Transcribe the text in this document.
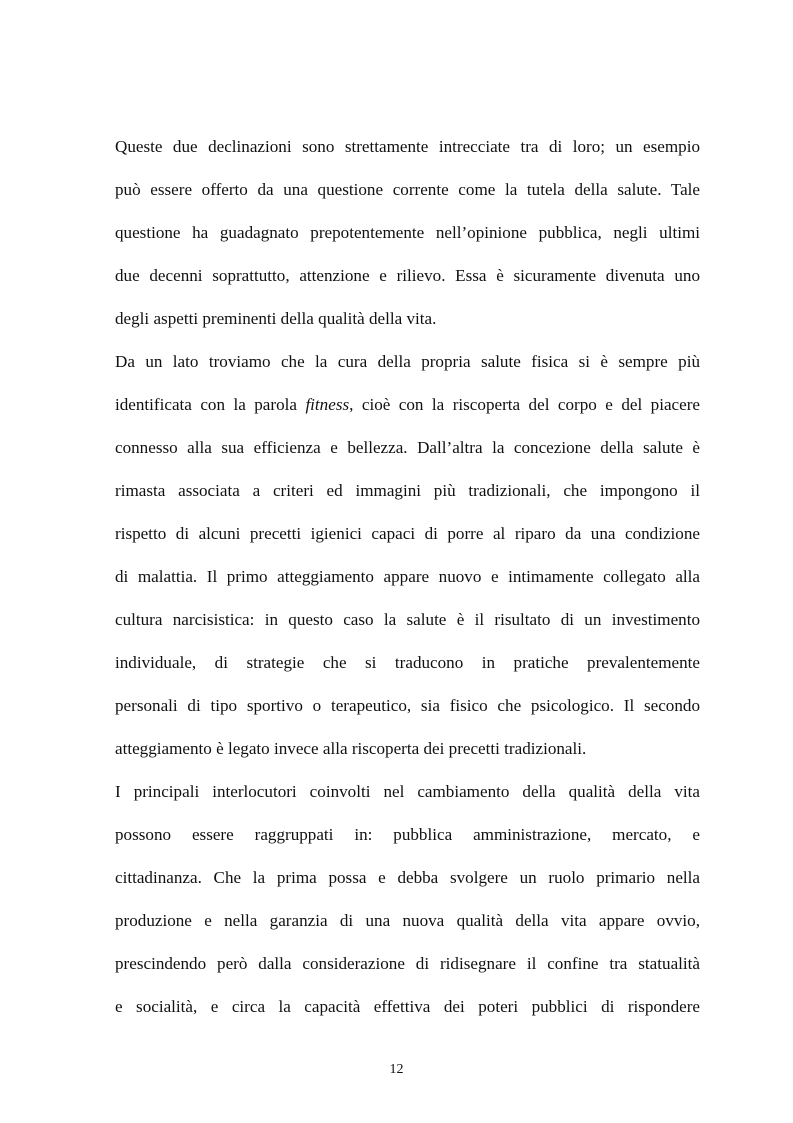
Queste due declinazioni sono strettamente intrecciate tra di loro; un esempio
può essere offerto da una questione corrente come la tutela della salute. Tale
questione ha guadagnato prepotentemente nell’opinione pubblica, negli ultimi
due decenni soprattutto, attenzione e rilievo. Essa è sicuramente divenuta uno
degli aspetti preminenti della qualità della vita.
Da un lato troviamo che la cura della propria salute fisica si è sempre più
identificata con la parola fitness, cioè con la riscoperta del corpo e del piacere
connesso alla sua efficienza e bellezza. Dall’altra la concezione della salute è
rimasta associata a criteri ed immagini più tradizionali, che impongono il
rispetto di alcuni precetti igienici capaci di porre al riparo da una condizione
di malattia. Il primo atteggiamento appare nuovo e intimamente collegato alla
cultura narcisistica: in questo caso la salute è il risultato di un investimento
individuale, di strategie che si traducono in pratiche prevalentemente
personali di tipo sportivo o terapeutico, sia fisico che psicologico. Il secondo
atteggiamento è legato invece alla riscoperta dei precetti tradizionali.
I principali interlocutori coinvolti nel cambiamento della qualità della vita
possono essere raggruppati in: pubblica amministrazione, mercato, e
cittadinanza. Che la prima possa e debba svolgere un ruolo primario nella
produzione e nella garanzia di una nuova qualità della vita appare ovvio,
prescindendo però dalla considerazione di ridisegnare il confine tra statualità
e socialità, e circa la capacità effettiva dei poteri pubblici di rispondere
12
